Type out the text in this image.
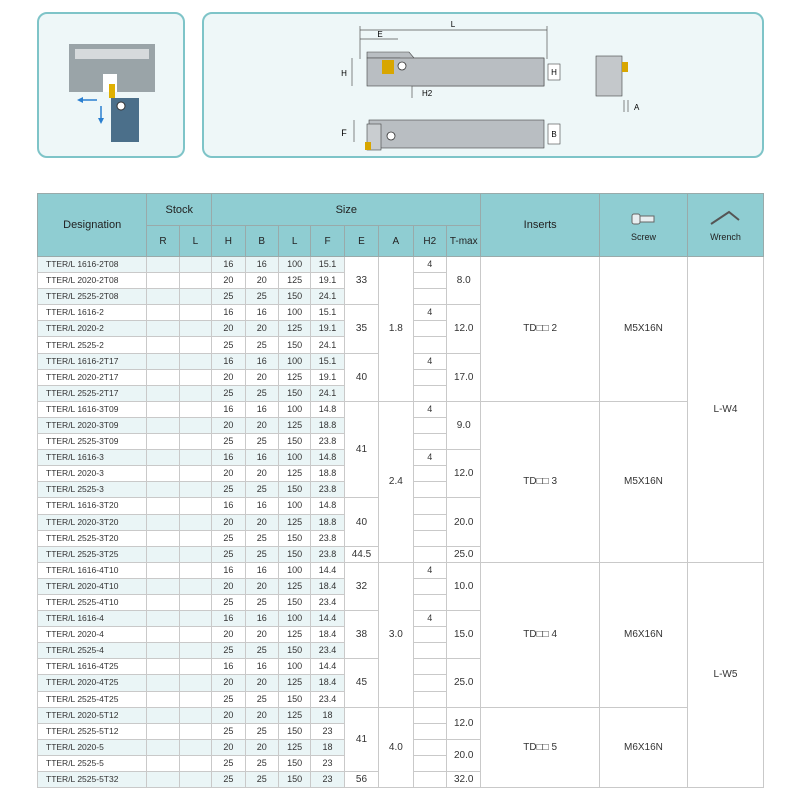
L
E
H	H
H2
F	B
A
Designation	Stock		Size								Inserts	Screw	Wrench
	R	L	H	B	L	F	E	A	H2	T-max			
TTER/L 1616-2T08			16	16	100	15.1	33	1.8	4	8.0	TD□□ 2	M5X16N	L-W4
TTER/L 2020-2T08			20	20	125	19.1							
TTER/L 2525-2T08			25	25	150	24.1							
TTER/L 1616-2			16	16	100	15.1	35		4	12.0			
TTER/L 2020-2			20	20	125	19.1							
TTER/L 2525-2			25	25	150	24.1							
TTER/L 1616-2T17			16	16	100	15.1	40		4	17.0			
TTER/L 2020-2T17			20	20	125	19.1							
TTER/L 2525-2T17			25	25	150	24.1							
TTER/L 1616-3T09			16	16	100	14.8	41	2.4	4	9.0	TD□□ 3	M5X16N	
TTER/L 2020-3T09			20	20	125	18.8							
TTER/L 2525-3T09			25	25	150	23.8							
TTER/L 1616-3			16	16	100	14.8			4	12.0			
TTER/L 2020-3			20	20	125	18.8							
TTER/L 2525-3			25	25	150	23.8							
TTER/L 1616-3T20			16	16	100	14.8	40			20.0			
TTER/L 2020-3T20			20	20	125	18.8							
TTER/L 2525-3T20			25	25	150	23.8							
TTER/L 2525-3T25			25	25	150	23.8	44.5			25.0			
TTER/L 1616-4T10			16	16	100	14.4	32	3.0	4	10.0	TD□□ 4	M6X16N	L-W5
TTER/L 2020-4T10			20	20	125	18.4							
TTER/L 2525-4T10			25	25	150	23.4							
TTER/L 1616-4			16	16	100	14.4	38		4	15.0			
TTER/L 2020-4			20	20	125	18.4							
TTER/L 2525-4			25	25	150	23.4							
TTER/L 1616-4T25			16	16	100	14.4	45			25.0			
TTER/L 2020-4T25			20	20	125	18.4							
TTER/L 2525-4T25			25	25	150	23.4							
TTER/L 2020-5T12			20	20	125	18	41	4.0		12.0	TD□□ 5	M6X16N	
TTER/L 2525-5T12			25	25	150	23							
TTER/L 2020-5			20	20	125	18				20.0			
TTER/L 2525-5			25	25	150	23							
TTER/L 2525-5T32			25	25	150	23	56			32.0			
